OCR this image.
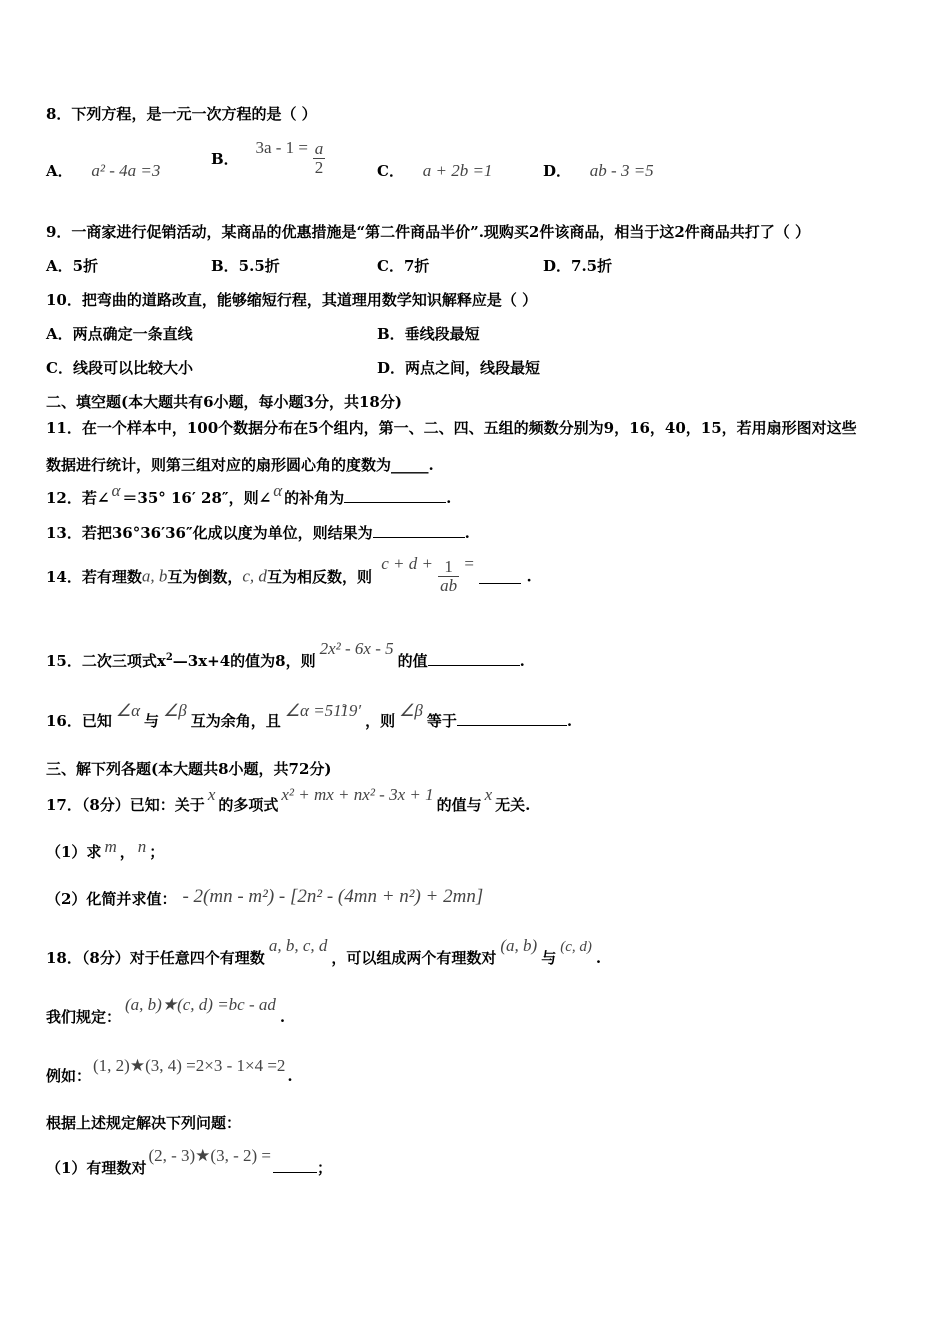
8．下列方程，是一元一次方程的是（ ）
A． a² - 4a =3
B． $3a - 1 = \frac{a}{2}$	C． a + 2b =1	D． ab - 3 =5
9．一商家进行促销活动，某商品的优惠措施是“第二件商品半价”.现购买2件该商品，相当于这2件商品共打了（ ）
A．5折	B．5.5折	C．7折	D．7.5折
10．把弯曲的道路改直，能够缩短行程，其道理用数学知识解释应是（ ）
A．两点确定一条直线	B．垂线段最短
C．线段可以比较大小	D．两点之间，线段最短
二、填空题(本大题共有6小题，每小题3分，共18分)
11．在一个样本中，100个数据分布在5个组内，第一、二、四、五组的频数分别为9，16，40，15，若用扇形图对这些
数据进行统计，则第三组对应的扇形圆心角的度数为_____.
12．若∠ α ＝35° 16′ 28″，则∠ α 的补角为	.
13．若把36°36′36″化成以度为单位，则结果为	.
14．若有理数a, b互为倒数，c, d互为相反数，则 $c + d + \frac{1}{ab}$ =  .
15．二次三项式$x^2—3x+4$的值为8，则2x² - 6x - 5的值	.
16．已知∠α与∠β互为余角，且∠α =51̊19′，则∠β等于	.
三、解下列各题(本大题共8小题，共72分)
17．（8分）已知：关于x的多项式x² + mx + nx² - 3x + 1的值与x无关.
（1）求 m ， n ；
（2）化简并求值： - 2(mn - m²) - [2n² - (4mn + n²) + 2mn]
18．（8分）对于任意四个有理数a, b, c, d，可以组成两个有理数对(a, b)与(c, d).
我们规定：(a, b)★(c, d) =bc - ad.
例如：(1, 2)★(3, 4) =2×3 - 1×4 =2.
根据上述规定解决下列问题：
（1）有理数对(2, - 3)★(3, - 2) =；
